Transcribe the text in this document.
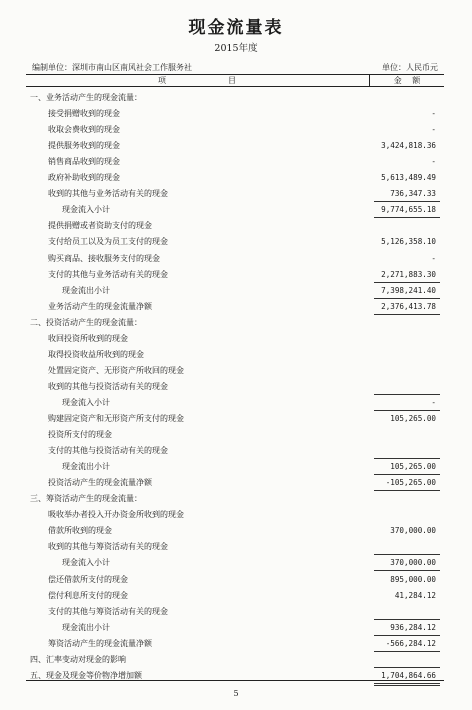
现金流量表
2015年度
编制单位：深圳市南山区南风社会工作服务社	单位：人民币元
项目	金 额
一、业务活动产生的现金流量：
接受捐赠收到的现金	-
收取会费收到的现金	-
提供服务收到的现金	3,424,818.36
销售商品收到的现金	-
政府补助收到的现金	5,613,489.49
收到的其他与业务活动有关的现金	736,347.33
现金流入小计	9,774,655.18
提供捐赠或者资助支付的现金
支付给员工以及为员工支付的现金	5,126,358.10
购买商品、接收服务支付的现金	-
支付的其他与业务活动有关的现金	2,271,883.30
现金流出小计	7,398,241.40
业务活动产生的现金流量净额	2,376,413.78
二、投资活动产生的现金流量：
收回投资所收到的现金
取得投资收益所收到的现金
处置固定资产、无形资产所收回的现金
收到的其他与投资活动有关的现金
现金流入小计	-
购建固定资产和无形资产所支付的现金	105,265.00
投资所支付的现金
支付的其他与投资活动有关的现金
现金流出小计	105,265.00
投资活动产生的现金流量净额	-105,265.00
三、筹资活动产生的现金流量：
吸收举办者投入开办资金所收到的现金
借款所收到的现金	370,000.00
收到的其他与筹资活动有关的现金
现金流入小计	370,000.00
偿还借款所支付的现金	895,000.00
偿付利息所支付的现金	41,284.12
支付的其他与筹资活动有关的现金
现金流出小计	936,284.12
筹资活动产生的现金流量净额	-566,284.12
四、汇率变动对现金的影响
五、现金及现金等价物净增加额	1,704,864.66
5
